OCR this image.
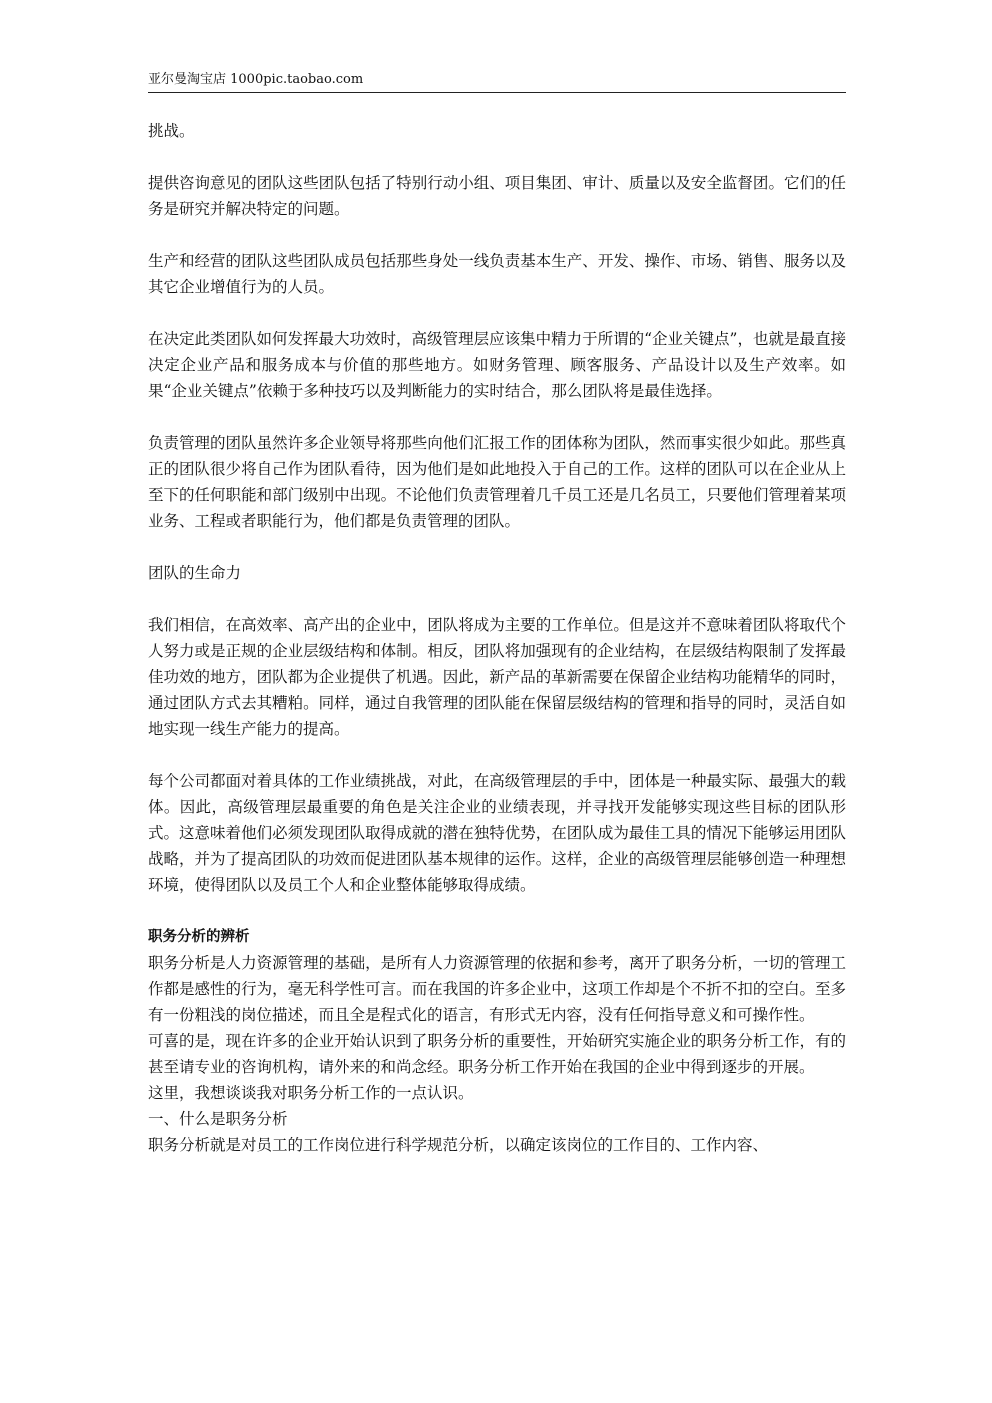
亚尔曼淘宝店 1000pic.taobao.com

挑战。

提供咨询意见的团队这些团队包括了特别行动小组、项目集团、审计、质量以及安全监督团。它们的任务是研究并解决特定的问题。

生产和经营的团队这些团队成员包括那些身处一线负责基本生产、开发、操作、市场、销售、服务以及其它企业增值行为的人员。

在决定此类团队如何发挥最大功效时，高级管理层应该集中精力于所谓的“企业关键点”，也就是最直接决定企业产品和服务成本与价值的那些地方。如财务管理、顾客服务、产品设计以及生产效率。如果“企业关键点”依赖于多种技巧以及判断能力的实时结合，那么团队将是最佳选择。

负责管理的团队虽然许多企业领导将那些向他们汇报工作的团体称为团队，然而事实很少如此。那些真正的团队很少将自己作为团队看待，因为他们是如此地投入于自己的工作。这样的团队可以在企业从上至下的任何职能和部门级别中出现。不论他们负责管理着几千员工还是几名员工，只要他们管理着某项业务、工程或者职能行为，他们都是负责管理的团队。

团队的生命力

我们相信，在高效率、高产出的企业中，团队将成为主要的工作单位。但是这并不意味着团队将取代个人努力或是正规的企业层级结构和体制。相反，团队将加强现有的企业结构，在层级结构限制了发挥最佳功效的地方，团队都为企业提供了机遇。因此，新产品的革新需要在保留企业结构功能精华的同时，通过团队方式去其糟粕。同样，通过自我管理的团队能在保留层级结构的管理和指导的同时，灵活自如地实现一线生产能力的提高。

每个公司都面对着具体的工作业绩挑战，对此，在高级管理层的手中，团体是一种最实际、最强大的载体。因此，高级管理层最重要的角色是关注企业的业绩表现，并寻找开发能够实现这些目标的团队形式。这意味着他们必须发现团队取得成就的潜在独特优势，在团队成为最佳工具的情况下能够运用团队战略，并为了提高团队的功效而促进团队基本规律的运作。这样，企业的高级管理层能够创造一种理想环境，使得团队以及员工个人和企业整体能够取得成绩。

职务分析的辨析

职务分析是人力资源管理的基础，是所有人力资源管理的依据和参考，离开了职务分析，一切的管理工作都是感性的行为，毫无科学性可言。而在我国的许多企业中，这项工作却是个不折不扣的空白。至多有一份粗浅的岗位描述，而且全是程式化的语言，有形式无内容，没有任何指导意义和可操作性。

可喜的是，现在许多的企业开始认识到了职务分析的重要性，开始研究实施企业的职务分析工作，有的甚至请专业的咨询机构，请外来的和尚念经。职务分析工作开始在我国的企业中得到逐步的开展。

这里，我想谈谈我对职务分析工作的一点认识。

一、什么是职务分析

职务分析就是对员工的工作岗位进行科学规范分析，以确定该岗位的工作目的、工作内容、
